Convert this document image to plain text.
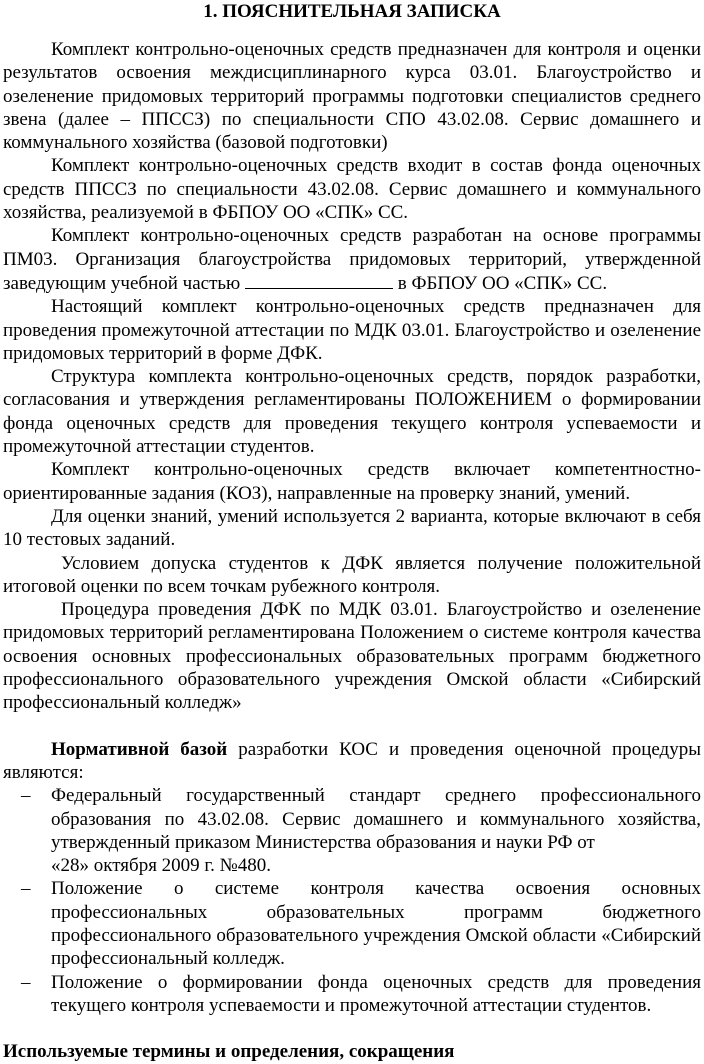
1. ПОЯСНИТЕЛЬНАЯ ЗАПИСКА

Комплект контрольно-оценочных средств предназначен для контроля и оценки результатов освоения междисциплинарного курса 03.01. Благоустройство и озеленение придомовых территорий программы подготовки специалистов среднего звена (далее – ППССЗ) по специальности СПО 43.02.08. Сервис домашнего и коммунального хозяйства (базовой подготовки)

Комплект контрольно-оценочных средств входит в состав фонда оценочных средств ППССЗ по специальности 43.02.08. Сервис домашнего и коммунального хозяйства, реализуемой в ФБПОУ ОО «СПК» СС.

Комплект контрольно-оценочных средств разработан на основе программы ПМ03. Организация благоустройства придомовых территорий, утвержденной заведующим учебной частью	в ФБПОУ ОО «СПК» СС.

Настоящий комплект контрольно-оценочных средств предназначен для проведения промежуточной аттестации по МДК 03.01. Благоустройство и озеленение придомовых территорий в форме ДФК.

Структура комплекта контрольно-оценочных средств, порядок разработки, согласования и утверждения регламентированы ПОЛОЖЕНИЕМ о формировании фонда оценочных средств для проведения текущего контроля успеваемости и промежуточной аттестации студентов.

Комплект контрольно-оценочных средств включает компетентностно-ориентированные задания (КОЗ), направленные на проверку знаний, умений.

Для оценки знаний, умений используется 2 варианта, которые включают в себя 10 тестовых заданий.

Условием допуска студентов к ДФК является получение положительной итоговой оценки по всем точкам рубежного контроля.

Процедура проведения ДФК по МДК 03.01. Благоустройство и озеленение придомовых территорий регламентирована Положением о системе контроля качества освоения основных профессиональных образовательных программ бюджетного профессионального образовательного учреждения Омской области «Сибирский профессиональный колледж»

Нормативной базой разработки КОС и проведения оценочной процедуры являются:

– Федеральный государственный стандарт среднего профессионального образования по 43.02.08. Сервис домашнего и коммунального хозяйства, утвержденный приказом Министерства образования и науки РФ от
«28» октября 2009 г. №480.
– Положение о системе контроля качества освоения основных профессиональных образовательных программ бюджетного профессионального образовательного учреждения Омской области «Сибирский профессиональный колледж.
– Положение о формировании фонда оценочных средств для проведения текущего контроля успеваемости и промежуточной аттестации студентов.

Используемые термины и определения, сокращения
